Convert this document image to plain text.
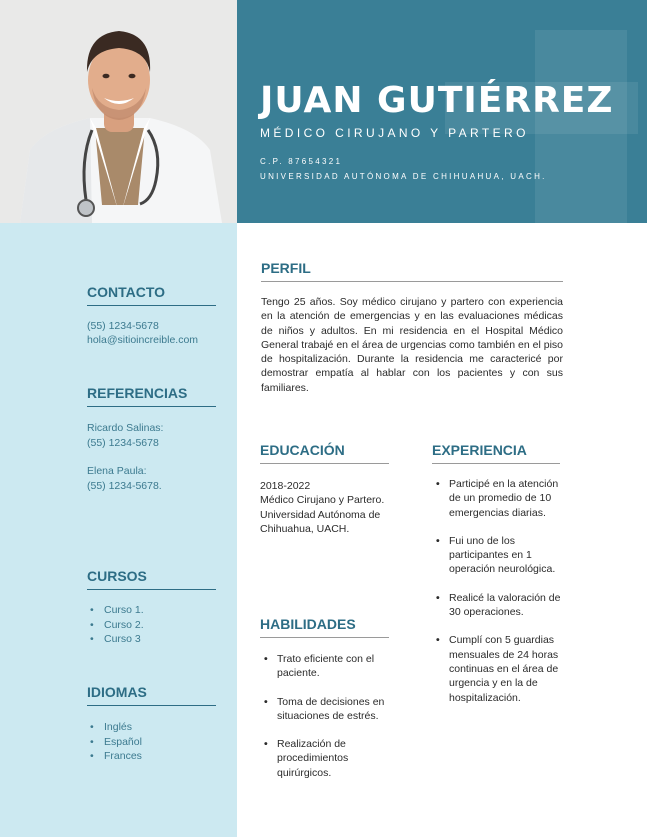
JUAN GUTIÉRREZ
MÉDICO CIRUJANO Y PARTERO
C.P. 87654321
UNIVERSIDAD AUTÓNOMA DE CHIHUAHUA, UACH.
CONTACTO
(55) 1234-5678
hola@sitioincreible.com
REFERENCIAS
Ricardo Salinas:
(55) 1234-5678
Elena Paula:
(55) 1234-5678.
CURSOS
• Curso 1.
• Curso 2.
• Curso 3
IDIOMAS
• Inglés
• Español
• Frances
PERFIL
Tengo 25 años. Soy médico cirujano y partero con experiencia en la atención de emergencias y en las evaluaciones médicas de niños y adultos. En mi residencia en el Hospital Médico General trabajé en el área de urgencias como también en el piso de hospitalización. Durante la residencia me caractericé por demostrar empatía al hablar con los pacientes y con sus familiares.
EDUCACIÓN
2018-2022
Médico Cirujano y Partero.
Universidad Autónoma de Chihuahua, UACH.
EXPERIENCIA
• Participé en la atención de un promedio de 10 emergencias diarias.
• Fui uno de los participantes en 1 operación neurológica.
• Realicé la valoración de 30 operaciones.
• Cumplí con 5 guardias mensuales de 24 horas continuas en el área de urgencia y en la de hospitalización.
HABILIDADES
• Trato eficiente con el paciente.
• Toma de decisiones en situaciones de estrés.
• Realización de procedimientos quirúrgicos.
